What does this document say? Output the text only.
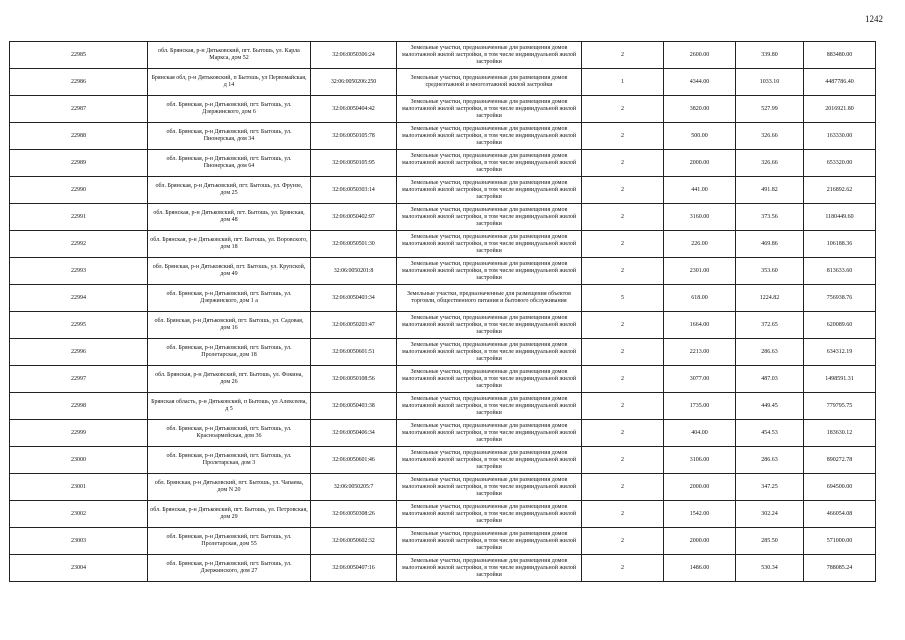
1242
22985	обл. Брянская, р-н Дятьковский, пгт. Бытошь, ул. Карла Маркса, дом 52	32:06:0050306:24	Земельные участки, предназначенные для размещения домов малоэтажной жилой застройки, в том числе индивидуальной жилой застройки	2	2600.00	339.80	883480.00
22986	Брянская обл, р-н Дятьковский, п Бытошь, ул Первомайская, д 14	32:06:0050206:250	Земельные участки, предназначенные для размещения домов среднеэтажной и многоэтажной жилой застройки	1	4344.00	1033.10	4487786.40
22987	обл. Брянская, р-н Дятьковский, пгт. Бытошь, ул. Дзержинского, дом 6	32:06:0050404:42	Земельные участки, предназначенные для размещения домов малоэтажной жилой застройки, в том числе индивидуальной жилой застройки	2	3820.00	527.99	2016921.80
22988	обл. Брянская, р-н Дятьковский, пгт. Бытошь, ул. Пионерская, дом 34	32:06:0050105:78	Земельные участки, предназначенные для размещения домов малоэтажной жилой застройки, в том числе индивидуальной жилой застройки	2	500.00	326.66	163330.00
22989	обл. Брянская, р-н Дятьковский, пгт. Бытошь, ул. Пионерская, дом 64	32:06:0050105:95	Земельные участки, предназначенные для размещения домов малоэтажной жилой застройки, в том числе индивидуальной жилой застройки	2	2000.00	326.66	653320.00
22990	обл. Брянская, р-н Дятьковский, пгт. Бытошь, ул. Фрунзе, дом 25	32:06:0050303:14	Земельные участки, предназначенные для размещения домов малоэтажной жилой застройки, в том числе индивидуальной жилой застройки	2	441.00	491.82	216892.62
22991	обл. Брянская, р-н Дятьковский, пгт. Бытошь, ул. Брянская, дом 48	32:06:0050402:97	Земельные участки, предназначенные для размещения домов малоэтажной жилой застройки, в том числе индивидуальной жилой застройки	2	3160.00	373.56	1180449.60
22992	обл. Брянская, р-н Дятьковский, пгт. Бытошь, ул. Воровского, дом 18	32:06:0050501:30	Земельные участки, предназначенные для размещения домов малоэтажной жилой застройки, в том числе индивидуальной жилой застройки	2	226.00	469.86	106188.36
22993	обл. Брянская, р-н Дятьковский, пгт. Бытошь, ул. Крупской, дом 49	32:06:0050201:8	Земельные участки, предназначенные для размещения домов малоэтажной жилой застройки, в том числе индивидуальной жилой застройки	2	2301.00	353.60	813633.60
22994	обл. Брянская, р-н Дятьковский, пгт. Бытошь, ул. Дзержинского, дом 1 а	32:06:0050403:34	Земельные участки, предназначенные для размещения объектов торговли, общественного питания и бытового обслуживания	5	618.00	1224.82	756938.76
22995	обл. Брянская, р-н Дятьковский, пгт. Бытошь, ул. Садовая, дом 16	32:06:0050203:47	Земельные участки, предназначенные для размещения домов малоэтажной жилой застройки, в том числе индивидуальной жилой застройки	2	1664.00	372.65	620089.60
22996	обл. Брянская, р-н Дятьковский, пгт. Бытошь, ул. Пролетарская, дом 18	32:06:0050601:51	Земельные участки, предназначенные для размещения домов малоэтажной жилой застройки, в том числе индивидуальной жилой застройки	2	2213.00	286.63	634312.19
22997	обл. Брянская, р-н Дятьковский, пгт. Бытошь, ул. Фокина, дом 26	32:06:0050108:56	Земельные участки, предназначенные для размещения домов малоэтажной жилой застройки, в том числе индивидуальной жилой застройки	2	3077.00	487.03	1498591.31
22998	Брянская область, р-н Дятьковский, п Бытошь, ул Алексеева, д 5	32:06:0050403:38	Земельные участки, предназначенные для размещения домов малоэтажной жилой застройки, в том числе индивидуальной жилой застройки	2	1735.00	449.45	779795.75
22999	обл. Брянская, р-н Дятьковский, пгт. Бытошь, ул. Красноармейская, дом 36	32:06:0050406:34	Земельные участки, предназначенные для размещения домов малоэтажной жилой застройки, в том числе индивидуальной жилой застройки	2	404.00	454.53	183630.12
23000	обл. Брянская, р-н Дятьковский, пгт. Бытошь, ул. Пролетарская, дом 3	32:06:0050601:46	Земельные участки, предназначенные для размещения домов малоэтажной жилой застройки, в том числе индивидуальной жилой застройки	2	3106.00	286.63	890272.78
23001	обл. Брянская, р-н Дятьковский, пгт. Бытошь, ул. Чапаева, дом N 20	32:06:0050205:7	Земельные участки, предназначенные для размещения домов малоэтажной жилой застройки, в том числе индивидуальной жилой застройки	2	2000.00	347.25	694500.00
23002	обл. Брянская, р-н Дятьковский, пгт. Бытошь, ул. Петровская, дом 29	32:06:0050308:26	Земельные участки, предназначенные для размещения домов малоэтажной жилой застройки, в том числе индивидуальной жилой застройки	2	1542.00	302.24	466054.08
23003	обл. Брянская, р-н Дятьковский, пгт. Бытошь, ул. Пролетарская, дом 55	32:06:0050602:32	Земельные участки, предназначенные для размещения домов малоэтажной жилой застройки, в том числе индивидуальной жилой застройки	2	2000.00	285.50	571000.00
23004	обл. Брянская, р-н Дятьковский, пгт. Бытошь, ул. Дзержинского, дом 27	32:06:0050407:16	Земельные участки, предназначенные для размещения домов малоэтажной жилой застройки, в том числе индивидуальной жилой застройки	2	1486.00	530.34	788085.24
